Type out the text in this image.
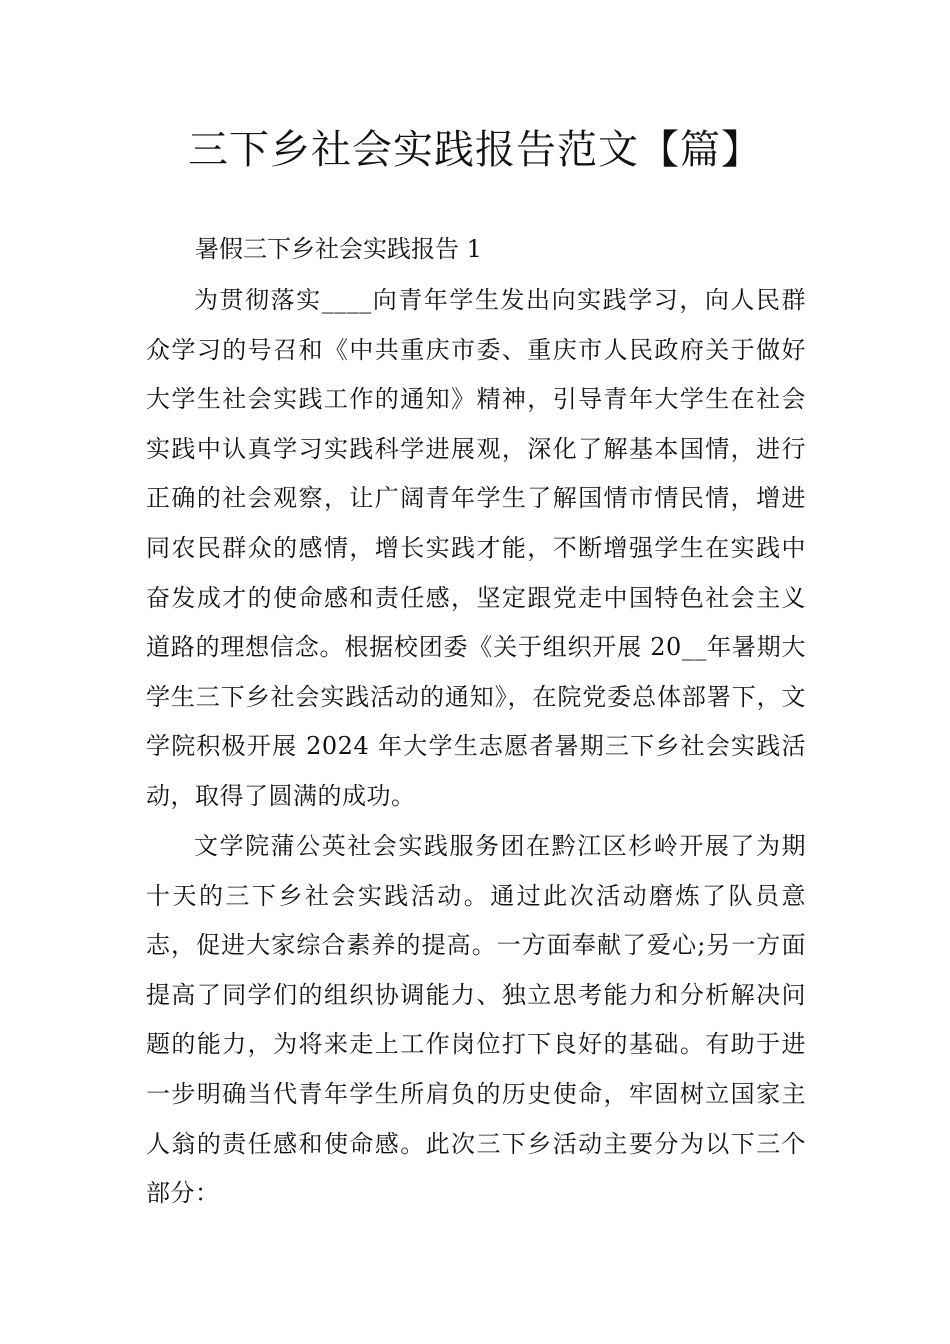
三下乡社会实践报告范文【篇】
暑假三下乡社会实践报告 1

为贯彻落实____向青年学生发出向实践学习，向人民群众学习的号召和《中共重庆市委、重庆市人民政府关于做好大学生社会实践工作的通知》精神，引导青年大学生在社会实践中认真学习实践科学进展观，深化了解基本国情，进行正确的社会观察，让广阔青年学生了解国情市情民情，增进同农民群众的感情，增长实践才能，不断增强学生在实践中奋发成才的使命感和责任感，坚定跟党走中国特色社会主义道路的理想信念。根据校团委《关于组织开展 20__年暑期大学生三下乡社会实践活动的通知》，在院党委总体部署下，文学院积极开展 2024 年大学生志愿者暑期三下乡社会实践活动，取得了圆满的成功。

文学院蒲公英社会实践服务团在黔江区杉岭开展了为期十天的三下乡社会实践活动。通过此次活动磨炼了队员意志，促进大家综合素养的提高。一方面奉献了爱心;另一方面提高了同学们的组织协调能力、独立思考能力和分析解决问题的能力，为将来走上工作岗位打下良好的基础。有助于进一步明确当代青年学生所肩负的历史使命，牢固树立国家主人翁的责任感和使命感。此次三下乡活动主要分为以下三个部分：
